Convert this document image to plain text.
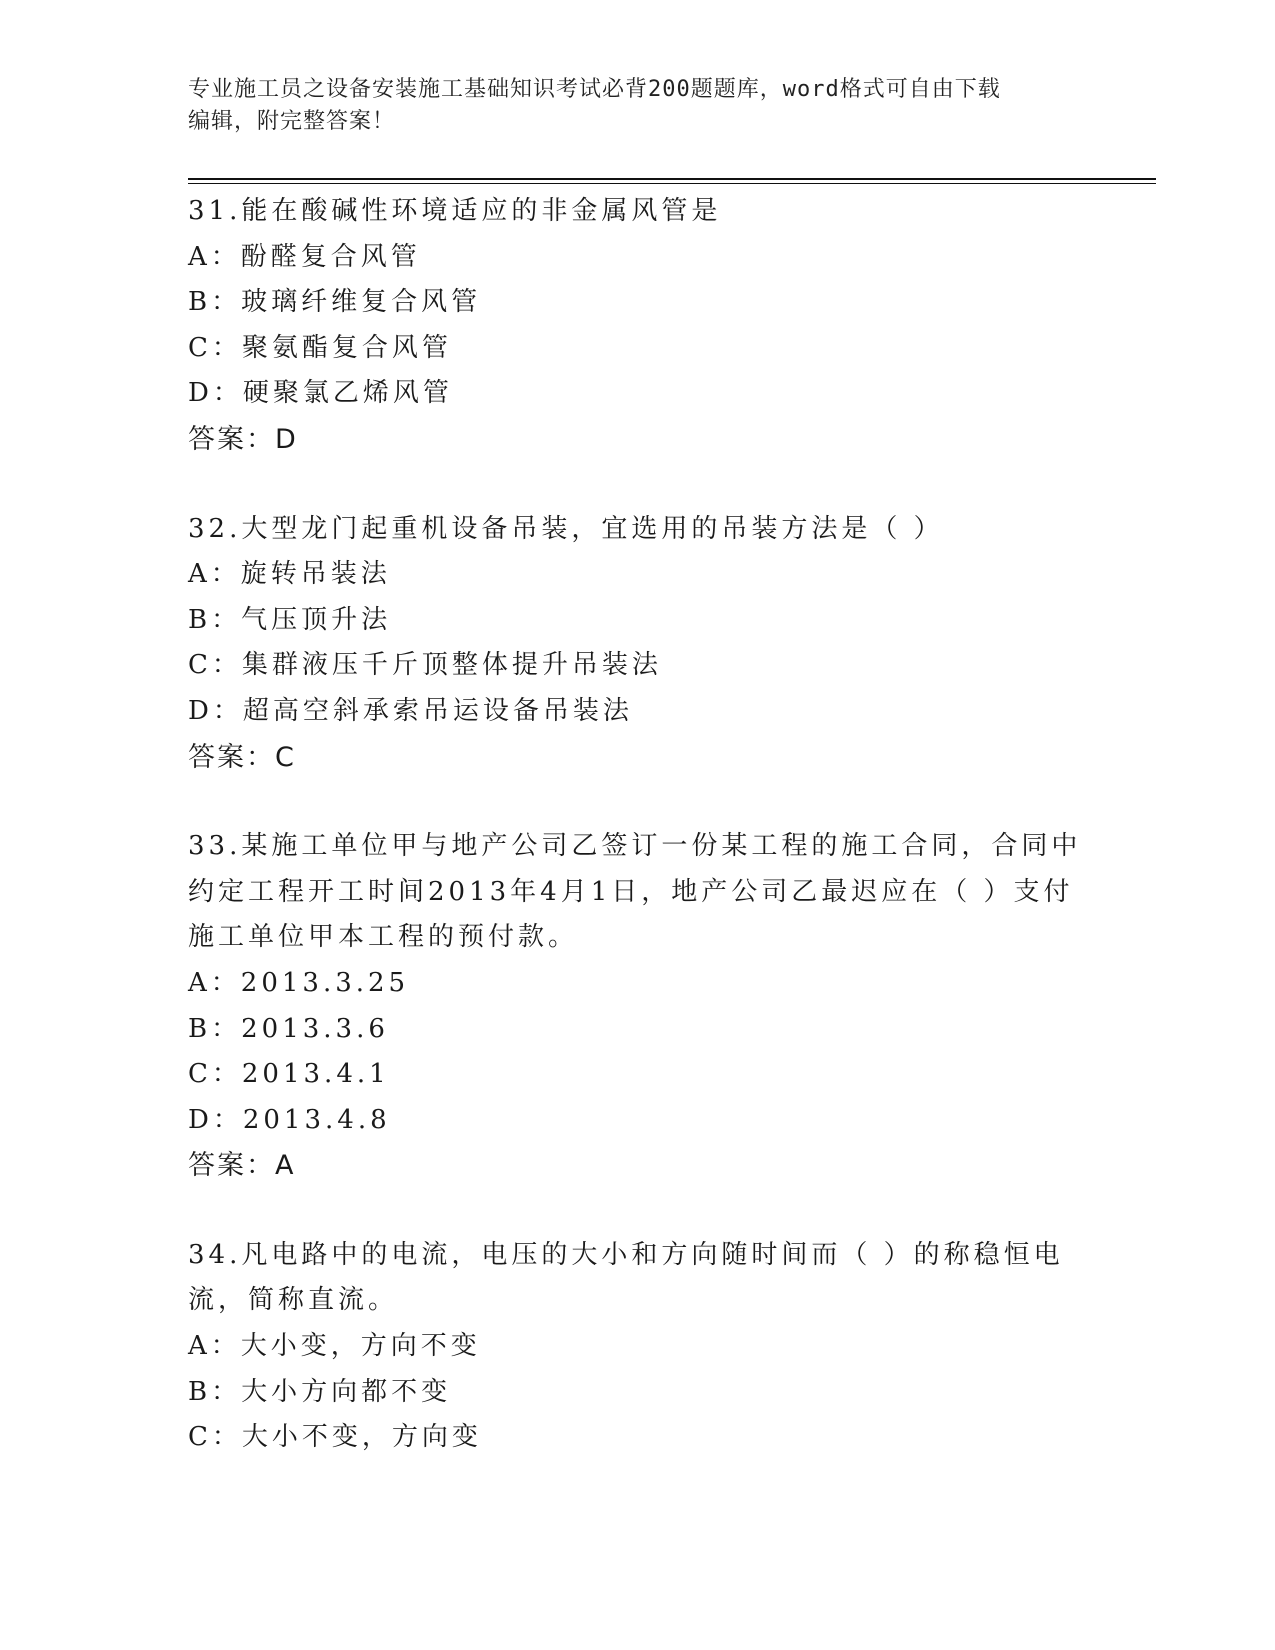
专业施工员之设备安装施工基础知识考试必背200题题库，word格式可自由下载
编辑，附完整答案！

31.能在酸碱性环境适应的非金属风管是

A：酚醛复合风管

B：玻璃纤维复合风管

C：聚氨酯复合风管

D：硬聚氯乙烯风管

答案：D

32.大型龙门起重机设备吊装，宜选用的吊装方法是（ ）

A：旋转吊装法

B：气压顶升法

C：集群液压千斤顶整体提升吊装法

D：超高空斜承索吊运设备吊装法

答案：C

33.某施工单位甲与地产公司乙签订一份某工程的施工合同，合同中约定工程开工时间2013年4月1日，地产公司乙最迟应在（ ）支付施工单位甲本工程的预付款。

A：2013.3.25

B：2013.3.6

C：2013.4.1

D：2013.4.8

答案：A

34.凡电路中的电流，电压的大小和方向随时间而（ ）的称稳恒电流，简称直流。

A：大小变，方向不变

B：大小方向都不变

C：大小不变，方向变
